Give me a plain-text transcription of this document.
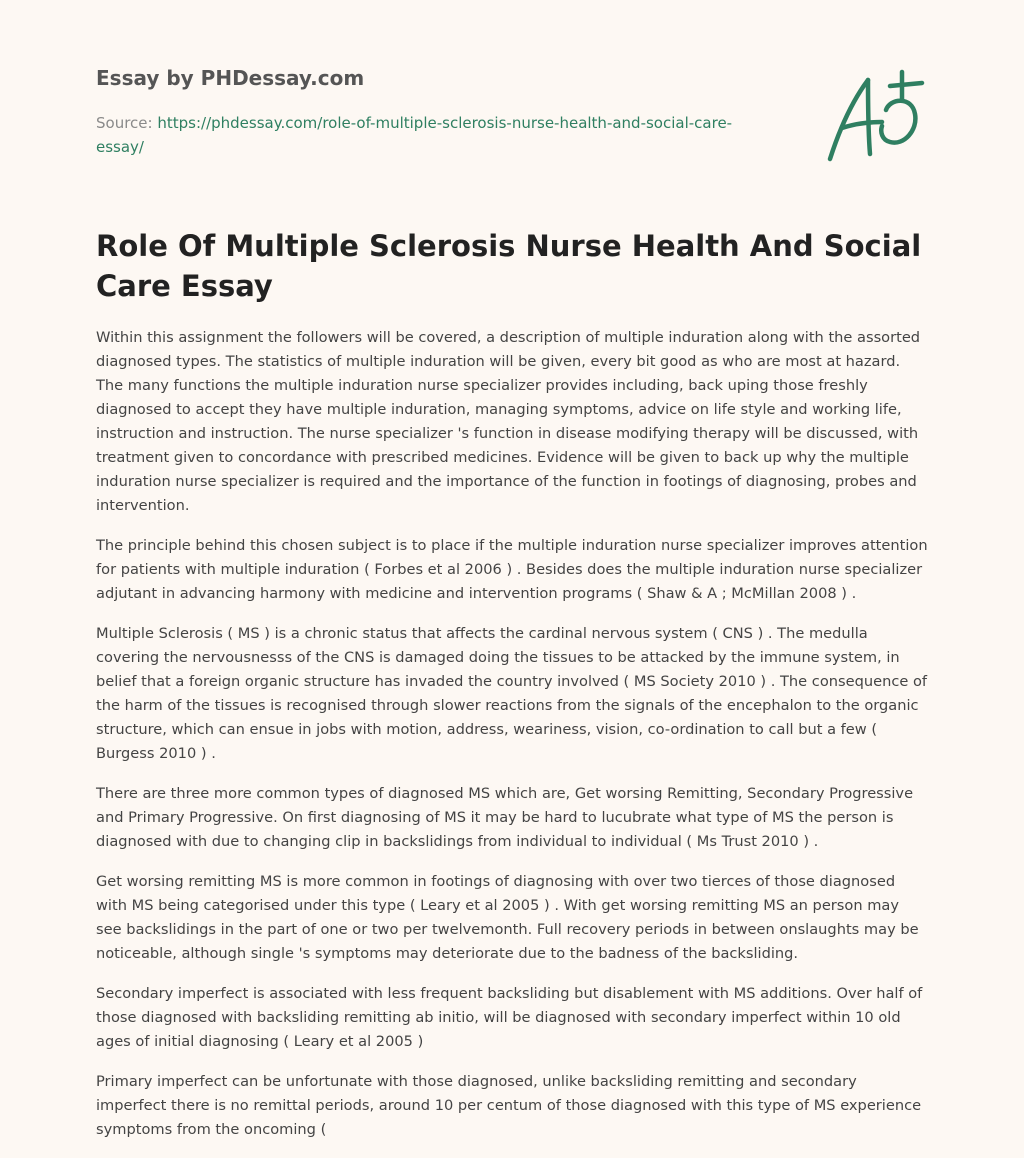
Essay by PHDessay.com
Source: https://phdessay.com/role-of-multiple-sclerosis-nurse-health-and-social-care-essay/
Role Of Multiple Sclerosis Nurse Health And Social Care Essay

Within this assignment the followers will be covered, a description of multiple induration along with the assorted diagnosed types. The statistics of multiple induration will be given, every bit good as who are most at hazard. The many functions the multiple induration nurse specializer provides including, back uping those freshly diagnosed to accept they have multiple induration, managing symptoms, advice on life style and working life, instruction and instruction. The nurse specializer 's function in disease modifying therapy will be discussed, with treatment given to concordance with prescribed medicines. Evidence will be given to back up why the multiple induration nurse specializer is required and the importance of the function in footings of diagnosing, probes and intervention.

The principle behind this chosen subject is to place if the multiple induration nurse specializer improves attention for patients with multiple induration ( Forbes et al 2006 ) . Besides does the multiple induration nurse specializer adjutant in advancing harmony with medicine and intervention programs ( Shaw & A ; McMillan 2008 ) .

Multiple Sclerosis ( MS ) is a chronic status that affects the cardinal nervous system ( CNS ) . The medulla covering the nervousnesss of the CNS is damaged doing the tissues to be attacked by the immune system, in belief that a foreign organic structure has invaded the country involved ( MS Society 2010 ) . The consequence of the harm of the tissues is recognised through slower reactions from the signals of the encephalon to the organic structure, which can ensue in jobs with motion, address, weariness, vision, co-ordination to call but a few ( Burgess 2010 ) .

There are three more common types of diagnosed MS which are, Get worsing Remitting, Secondary Progressive and Primary Progressive. On first diagnosing of MS it may be hard to lucubrate what type of MS the person is diagnosed with due to changing clip in backslidings from individual to individual ( Ms Trust 2010 ) .

Get worsing remitting MS is more common in footings of diagnosing with over two tierces of those diagnosed with MS being categorised under this type ( Leary et al 2005 ) . With get worsing remitting MS an person may see backslidings in the part of one or two per twelvemonth. Full recovery periods in between onslaughts may be noticeable, although single 's symptoms may deteriorate due to the badness of the backsliding.

Secondary imperfect is associated with less frequent backsliding but disablement with MS additions. Over half of those diagnosed with backsliding remitting ab initio, will be diagnosed with secondary imperfect within 10 old ages of initial diagnosing ( Leary et al 2005 )

Primary imperfect can be unfortunate with those diagnosed, unlike backsliding remitting and secondary imperfect there is no remittal periods, around 10 per centum of those diagnosed with this type of MS experience symptoms from the oncoming (
